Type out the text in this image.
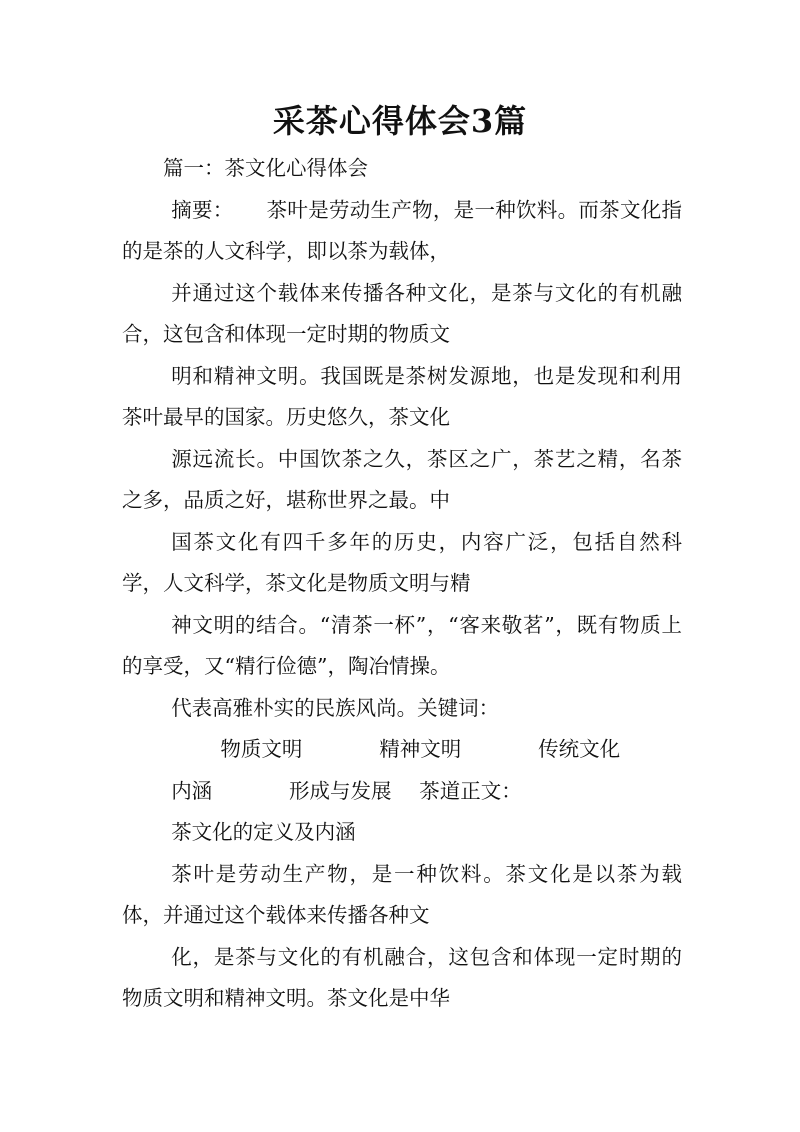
采茶心得体会3篇

篇一：茶文化心得体会

摘要： 茶叶是劳动生产物，是一种饮料。而茶文化指的是茶的人文科学，即以茶为载体，

并通过这个载体来传播各种文化，是茶与文化的有机融合，这包含和体现一定时期的物质文

明和精神文明。我国既是茶树发源地，也是发现和利用茶叶最早的国家。历史悠久，茶文化

源远流长。中国饮茶之久，茶区之广，茶艺之精，名茶之多，品质之好，堪称世界之最。中

国茶文化有四千多年的历史，内容广泛，包括自然科学，人文科学，茶文化是物质文明与精

神文明的结合。“清茶一杯”，“客来敬茗”，既有物质上的享受，又“精行俭德”，陶冶情操。

代表高雅朴实的民族风尚。关键词：

物质文明	精神文明	传统文化内涵	形成与发展 茶道正文：

茶文化的定义及内涵

茶叶是劳动生产物，是一种饮料。茶文化是以茶为载体，并通过这个载体来传播各种文

化，是茶与文化的有机融合，这包含和体现一定时期的物质文明和精神文明。茶文化是中华
